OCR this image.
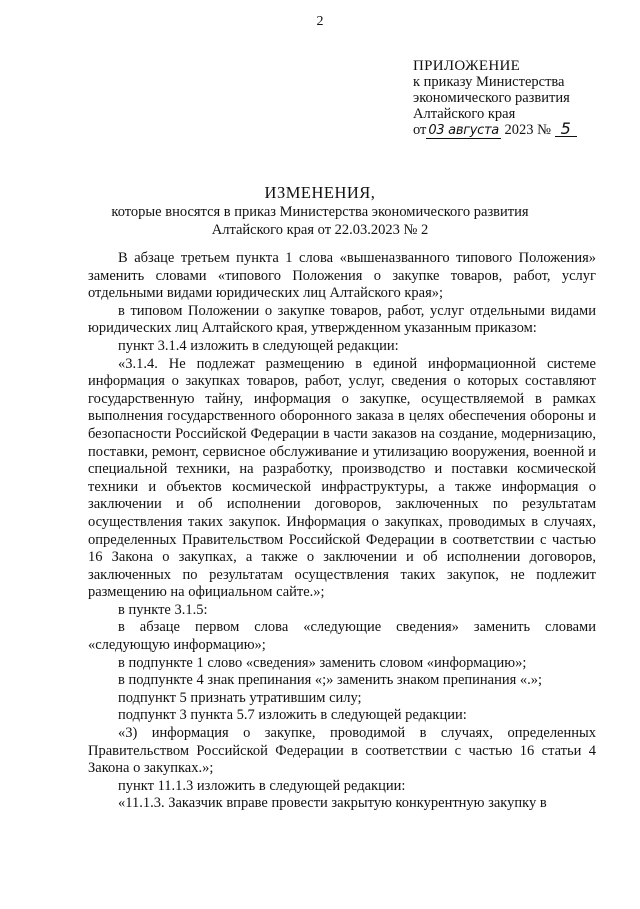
2
ПРИЛОЖЕНИЕ
к приказу Министерства
экономического развития
Алтайского края
от 03 августа 2023 № 5
ИЗМЕНЕНИЯ,
которые вносятся в приказ Министерства экономического развития
Алтайского края от 22.03.2023 № 2

В абзаце третьем пункта 1 слова «вышеназванного типового Положения» заменить словами «типового Положения о закупке товаров, работ, услуг отдельными видами юридических лиц Алтайского края»;

в типовом Положении о закупке товаров, работ, услуг отдельными видами юридических лиц Алтайского края, утвержденном указанным приказом:

пункт 3.1.4 изложить в следующей редакции:

«3.1.4. Не подлежат размещению в единой информационной системе информация о закупках товаров, работ, услуг, сведения о которых составляют государственную тайну, информация о закупке, осуществляемой в рамках выполнения государственного оборонного заказа в целях обеспечения обороны и безопасности Российской Федерации в части заказов на создание, модернизацию, поставки, ремонт, сервисное обслуживание и утилизацию вооружения, военной и специальной техники, на разработку, производство и поставки космической техники и объектов космической инфраструктуры, а также информация о заключении и об исполнении договоров, заключенных по результатам осуществления таких закупок. Информация о закупках, проводимых в случаях, определенных Правительством Российской Федерации в соответствии с частью 16 Закона о закупках, а также о заключении и об исполнении договоров, заключенных по результатам осуществления таких закупок, не подлежит размещению на официальном сайте.»;

в пункте 3.1.5:

в абзаце первом слова «следующие сведения» заменить словами «следующую информацию»;

в подпункте 1 слово «сведения» заменить словом «информацию»;

в подпункте 4 знак препинания «;» заменить знаком препинания «.»;

подпункт 5 признать утратившим силу;

подпункт 3 пункта 5.7 изложить в следующей редакции:

«3) информация о закупке, проводимой в случаях, определенных Правительством Российской Федерации в соответствии с частью 16 статьи 4 Закона о закупках.»;

пункт 11.1.3 изложить в следующей редакции:

«11.1.3. Заказчик вправе провести закрытую конкурентную закупку в
